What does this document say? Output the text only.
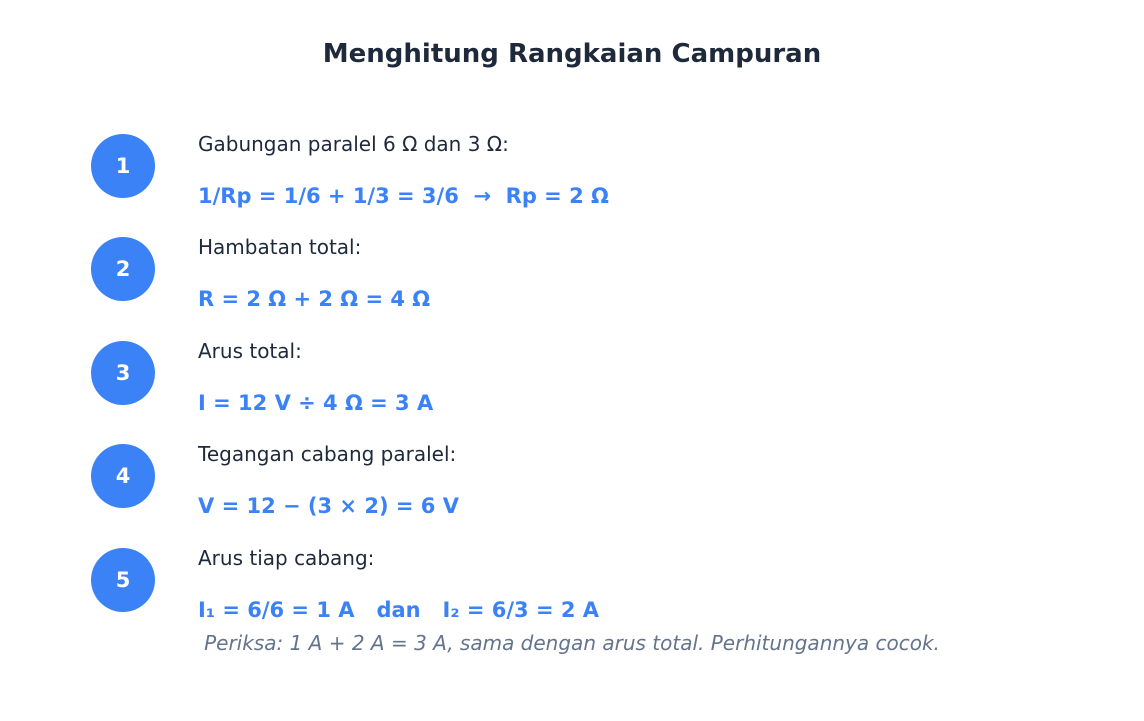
Menghitung Rangkaian Campuran
1
Gabungan paralel 6 Ω dan 3 Ω:
1/Rp = 1/6 + 1/3 = 3/6  →  Rp = 2 Ω
2
Hambatan total:
R = 2 Ω + 2 Ω = 4 Ω
3
Arus total:
I = 12 V ÷ 4 Ω = 3 A
4
Tegangan cabang paralel:
V = 12 − (3 × 2) = 6 V
5
Arus tiap cabang:
I₁ = 6/6 = 1 A   dan   I₂ = 6/3 = 2 A
Periksa: 1 A + 2 A = 3 A, sama dengan arus total. Perhitungannya cocok.
